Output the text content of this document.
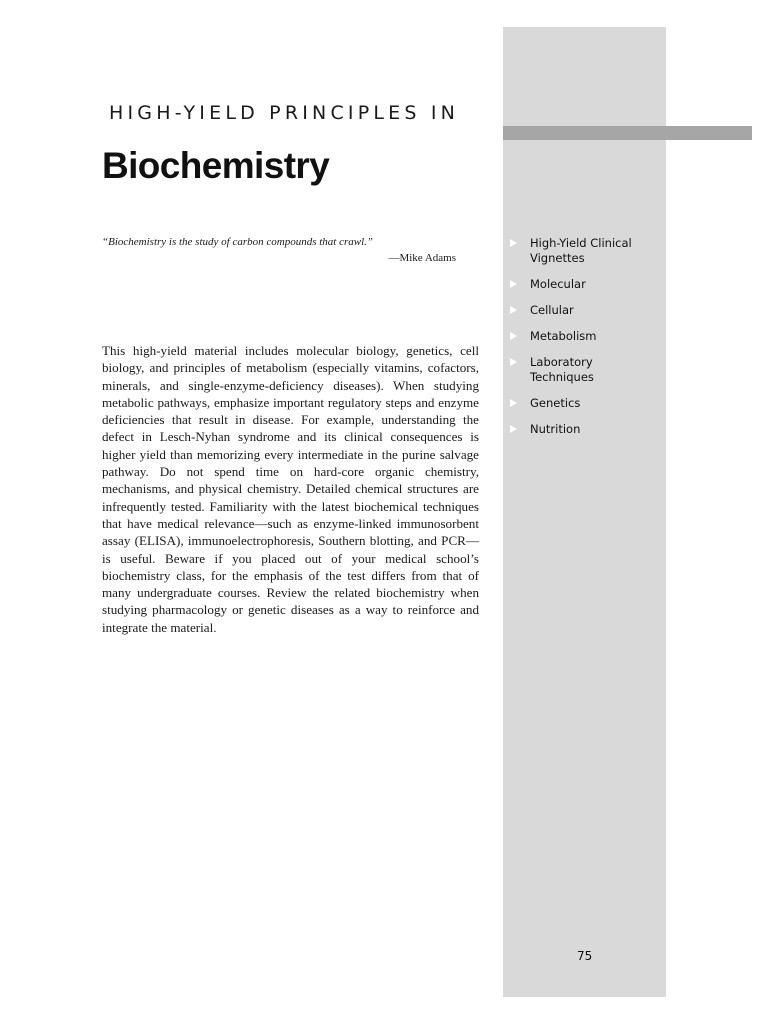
HIGH-YIELD PRINCIPLES IN
Biochemistry
“Biochemistry is the study of carbon compounds that crawl.”
—Mike Adams

This high-yield material includes molecular biology, genetics, cell biology, and principles of metabolism (especially vitamins, cofactors, minerals, and single-enzyme-deficiency diseases). When studying metabolic pathways, emphasize important regulatory steps and enzyme deficiencies that result in disease. For example, understanding the defect in Lesch-Nyhan syndrome and its clinical consequences is higher yield than memorizing every intermediate in the purine salvage pathway. Do not spend time on hard-core organic chemistry, mechanisms, and physical chemistry. Detailed chemical structures are infrequently tested. Familiarity with the latest biochemical techniques that have medical relevance—such as enzyme-linked immunosorbent assay (ELISA), immunoelectrophoresis, Southern blotting, and PCR—is useful. Beware if you placed out of your medical school’s biochemistry class, for the emphasis of the test differs from that of many undergraduate courses. Review the related biochemistry when studying pharmacology or genetic diseases as a way to reinforce and integrate the material.

High-Yield Clinical Vignettes
Molecular
Cellular
Metabolism
Laboratory Techniques
Genetics
Nutrition
75
